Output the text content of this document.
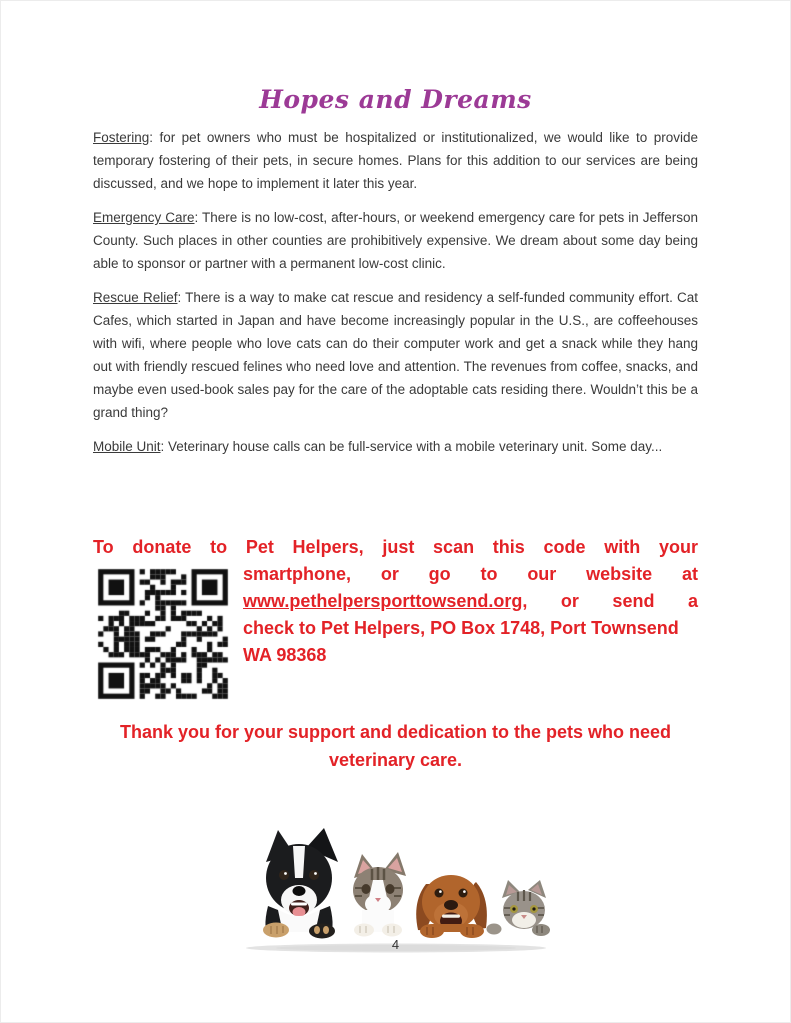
Hopes and Dreams

Fostering: for pet owners who must be hospitalized or institutionalized, we would like to provide temporary fostering of their pets, in secure homes. Plans for this addition to our services are being discussed, and we hope to implement it later this year.

Emergency Care: There is no low-cost, after-hours, or weekend emergency care for pets in Jefferson County. Such places in other counties are prohibitively expensive. We dream about some day being able to sponsor or partner with a permanent low-cost clinic.

Rescue Relief: There is a way to make cat rescue and residency a self-funded community effort. Cat Cafes, which started in Japan and have become increasingly popular in the U.S., are coffeehouses with wifi, where people who love cats can do their computer work and get a snack while they hang out with friendly rescued felines who need love and attention. The revenues from coffee, snacks, and maybe even used-book sales pay for the care of the adoptable cats residing there. Wouldn’t this be a grand thing?

Mobile Unit: Veterinary house calls can be full-service with a mobile veterinary unit. Some day...

To donate to Pet Helpers, just scan this code with your
smartphone, or go to our website at
www.pethelpersporttowsend.org, or send a
check to Pet Helpers, PO Box 1748, Port Townsend
WA 98368

Thank you for your support and dedication to the pets who need veterinary care.

4
